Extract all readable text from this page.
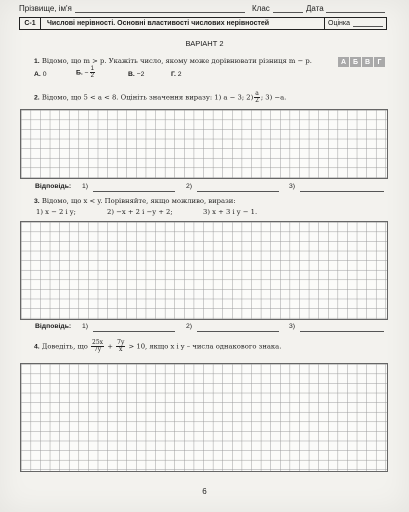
Прізвище, ім'я	Клас	Дата
С-1	Числові нерівності. Основні властивості числових нерівностей	Оцінка
ВАРІАНТ 2
1. Відомо, що m > p. Укажіть число, якому може дорівнювати різниця m − p.	А Б В	Г
А. 0	Б. − $\frac{1}{2}$	В. −2	Г. 2
2. Відомо, що 5 < a < 8. Оцініть значення виразу: 1) a − 3; $2) \frac{a}{2}$ ; 3) −a.
Відповідь: 1)	2)	3)
3. Відомо, що x < y. Порівняйте, якщо можливо, вирази:
1) x − 2 і y;	2) −x + 2 і −y + 2;	3) x + 3 і y − 1.
Відповідь: 1)	2)	3)
4. Доведіть, що $\frac{25x}{7y} + \frac{7y}{x} > 10$, якщо x і y – числа однакового знака.
6
